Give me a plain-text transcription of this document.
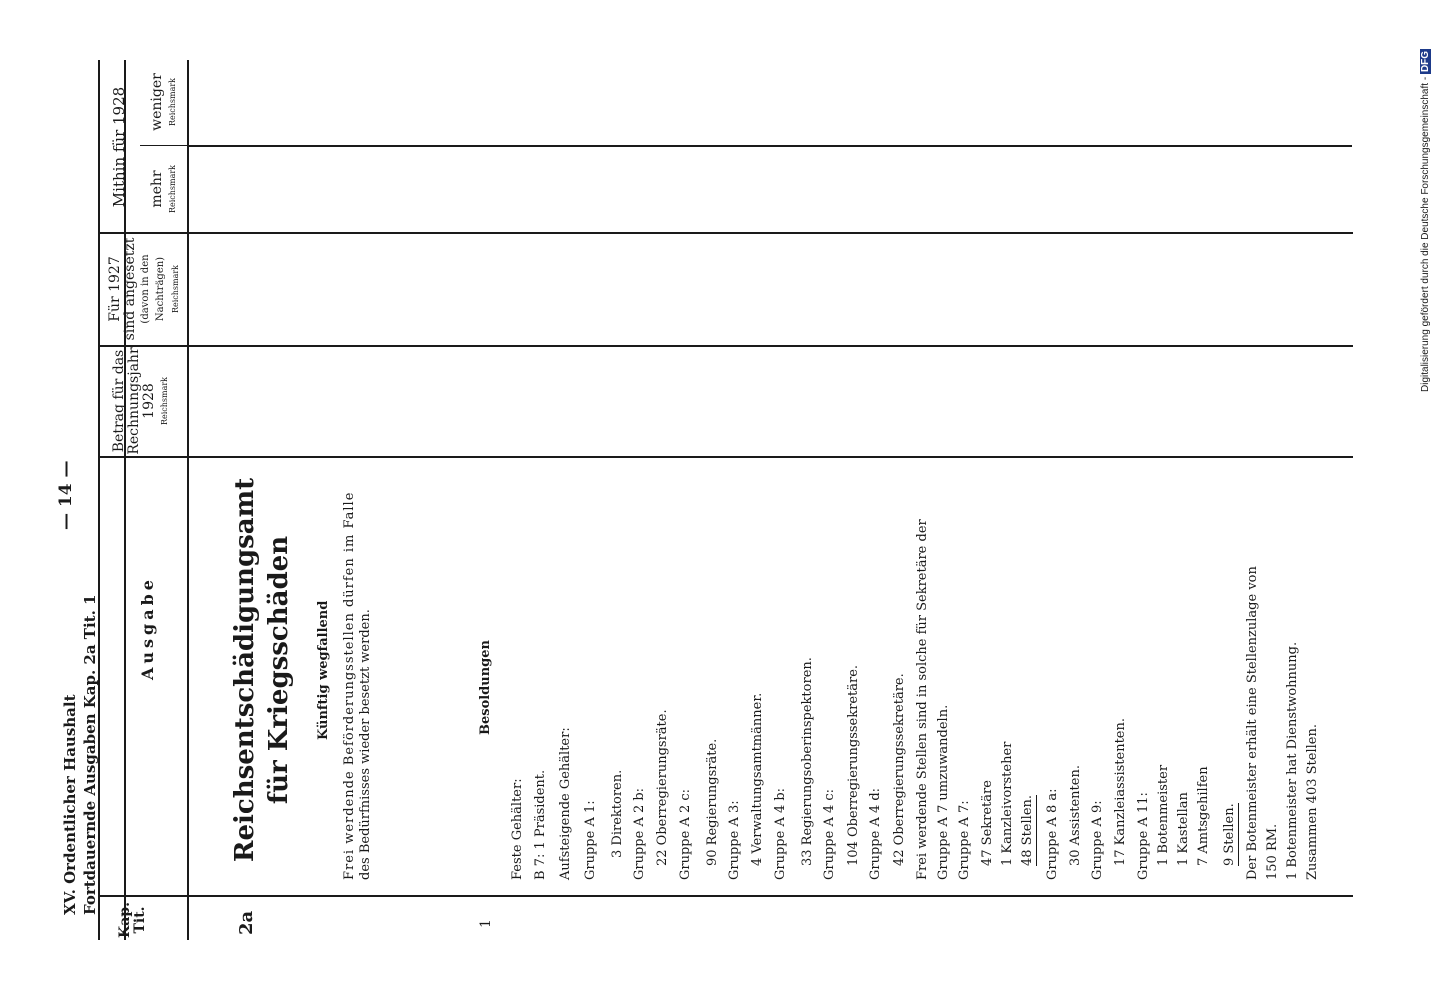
XV. Ordentlicher Haushalt Fortdauernde Ausgaben Kap. 2a Tit. 1
— 14 —
Kap. Tit.
Ausgabe
Betrag für das Rechnungsjahr 1928 Reichsmark
Für 1927 sind angesetzt (davon in den Nachträgen) Reichsmark
Mithin für 1928 mehr Reichsmark
weniger Reichsmark
2a	1
Reichsentschädigungsamt für Kriegsschäden Künftig wegfallend Frei werdende Beförderungsstellen dürfen im Falle des Bedürfnisses wieder besetzt werden.	Besoldungen
Feste Gehälter: B 7: 1 Präsident. Aufsteigende Gehälter: Gruppe A 1: 3 Direktoren. Gruppe A 2 b: 22 Oberregierungsräte. Gruppe A 2 c: 90 Regierungsräte. Gruppe A 3: 4 Verwaltungsamtmänner. Gruppe A 4 b: 33 Regierungsoberinspektoren. Gruppe A 4 c: 104 Oberregierungssekretäre. Gruppe A 4 d: 42 Oberregierungssekretäre. Frei werdende Stellen sind in solche für Sekretäre der Gruppe A 7 umzuwandeln. Gruppe A 7: 47 Sekretäre 1 Kanzleivorsteher 48 Stellen. Gruppe A 8 a: 30 Assistenten. Gruppe A 9: 17 Kanzleiassistenten. Gruppe A 11: 1 Botenmeister 1 Kastellan 7 Amtsgehilfen 9 Stellen. Der Botenmeister erhält eine Stellenzulage von 150 RM. 1 Botenmeister hat Dienstwohnung. Zusammen 403 Stellen.
Digitalisierung gefördert durch die Deutsche Forschungsgemeinschaft - DFG
